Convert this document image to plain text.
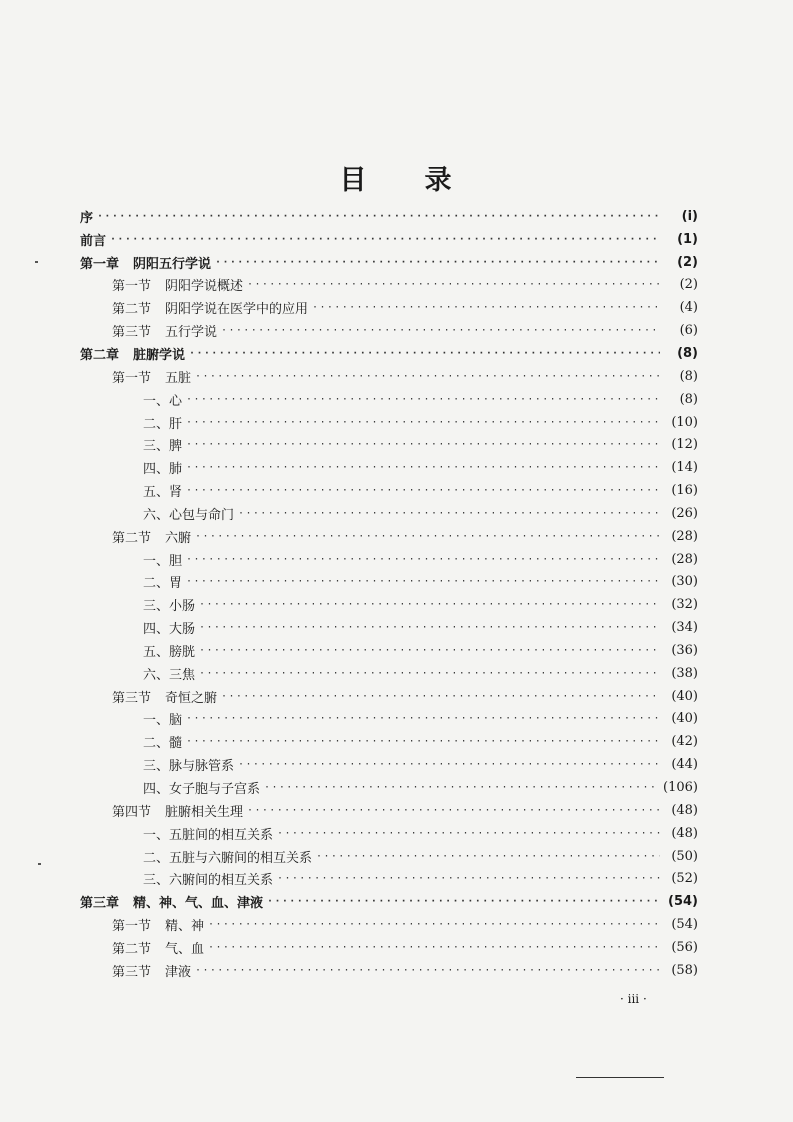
目 录
序 ·····	(i)
前言 ·····	(1)
第一章 阴阳五行学说 ·····	(2)
第一节 阴阳学说概述 ·····	(2)
第二节 阴阳学说在医学中的应用 ·····	(4)
第三节 五行学说 ·····	(6)
第二章 脏腑学说 ·····	(8)
第一节 五脏 ·····	(8)
一、心 ·····	(8)
二、肝 ·····	(10)
三、脾 ·····	(12)
四、肺 ·····	(14)
五、肾 ·····	(16)
六、心包与命门 ·····	(26)
第二节 六腑 ·····	(28)
一、胆 ·····	(28)
二、胃 ·····	(30)
三、小肠 ·····	(32)
四、大肠 ·····	(34)
五、膀胱 ·····	(36)
六、三焦 ·····	(38)
第三节 奇恒之腑 ·····	(40)
一、脑 ·····	(40)
二、髓 ·····	(42)
三、脉与脉管系 ·····	(44)
四、女子胞与子宫系 ·····	(106)
第四节 脏腑相关生理 ·····	(48)
一、五脏间的相互关系 ·····	(48)
二、五脏与六腑间的相互关系 ·····	(50)
三、六腑间的相互关系 ·····	(52)
第三章 精、神、气、血、津液 ·····	(54)
第一节 精、神 ·····	(54)
第二节 气、血 ·····	(56)
第三节 津液 ·····	(58)
· iii ·
